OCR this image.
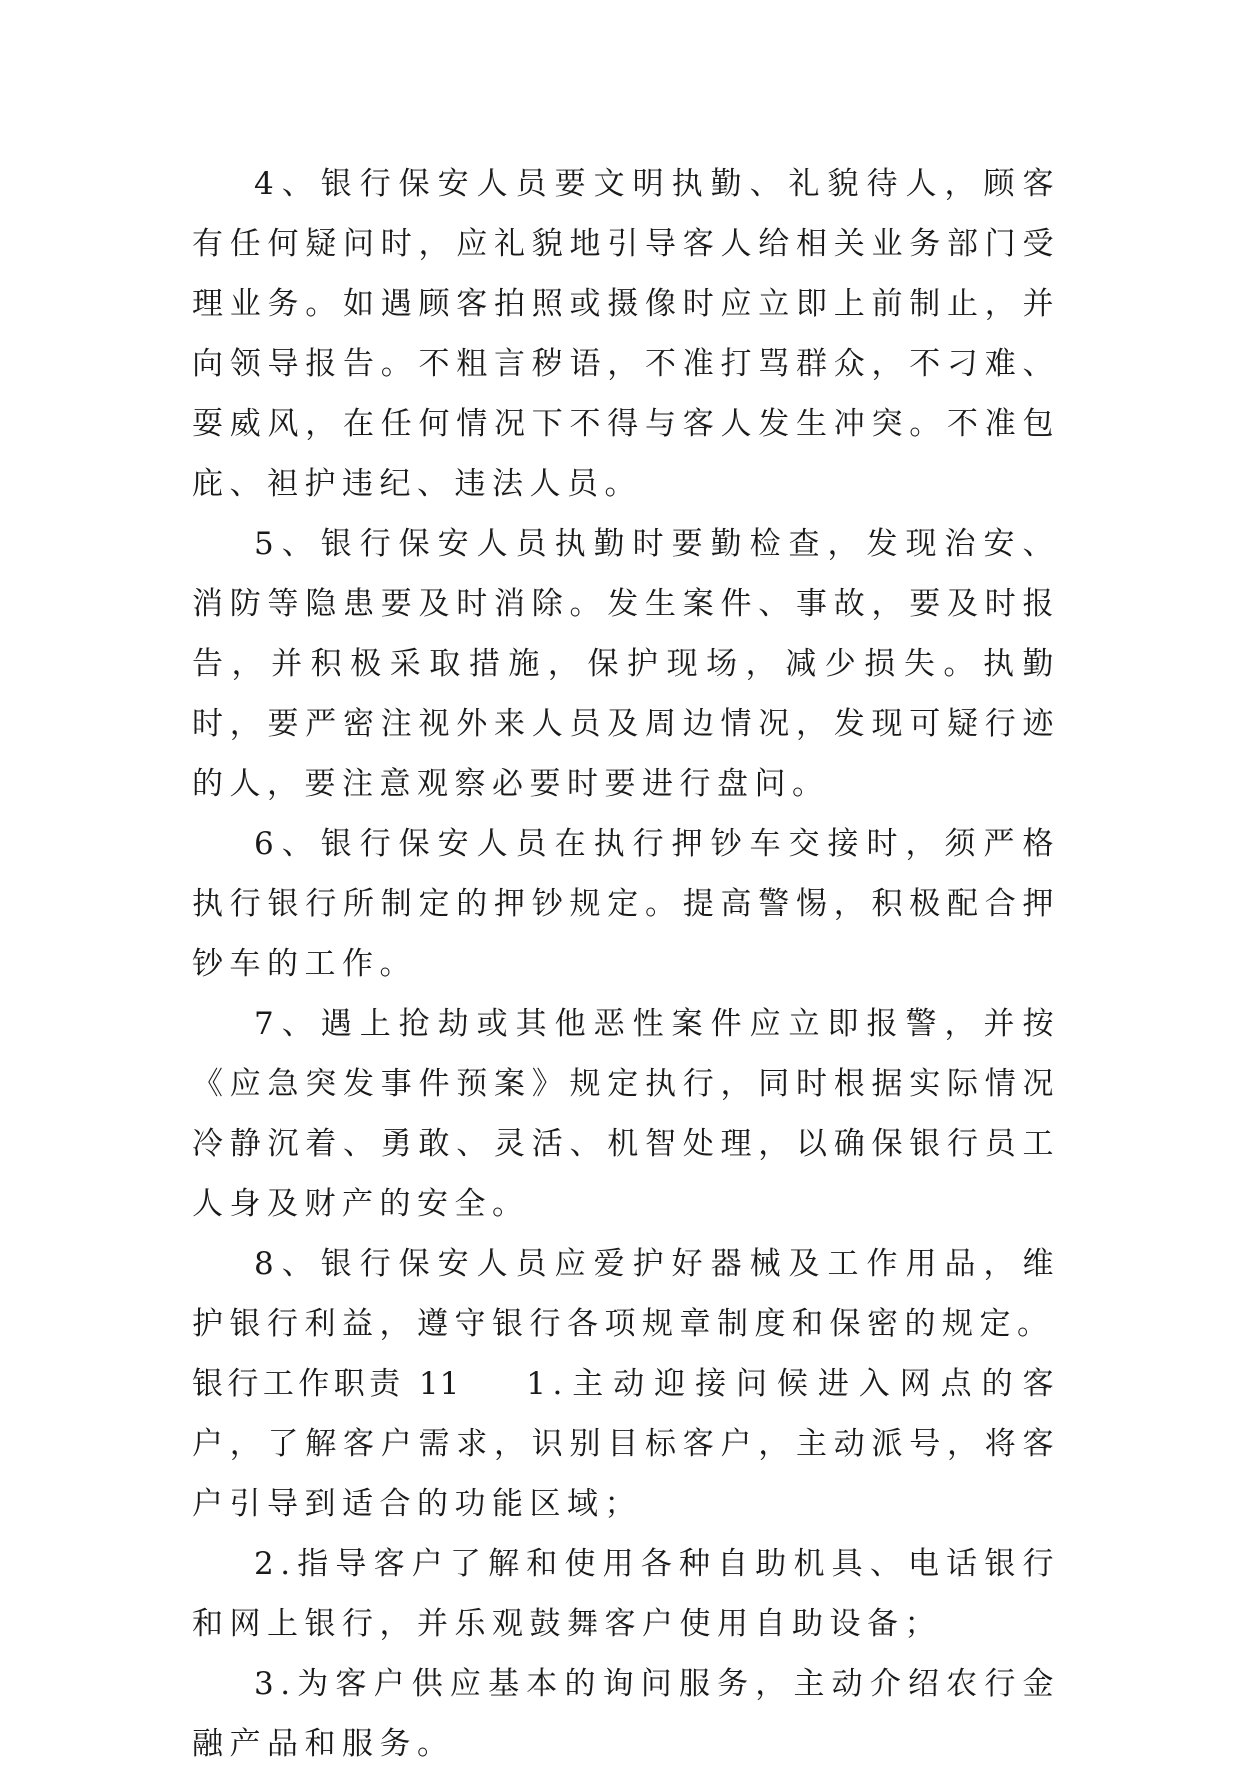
4、银行保安人员要文明执勤、礼貌待人，顾客有任何疑问时，应礼貌地引导客人给相关业务部门受理业务。如遇顾客拍照或摄像时应立即上前制止，并向领导报告。不粗言秽语，不准打骂群众，不刁难、耍威风，在任何情况下不得与客人发生冲突。不准包庇、袒护违纪、违法人员。

5、银行保安人员执勤时要勤检查，发现治安、消防等隐患要及时消除。发生案件、事故，要及时报告，并积极采取措施，保护现场，减少损失。执勤时，要严密注视外来人员及周边情况，发现可疑行迹的人，要注意观察必要时要进行盘问。

6、银行保安人员在执行押钞车交接时，须严格执行银行所制定的押钞规定。提高警惕，积极配合押钞车的工作。

7、遇上抢劫或其他恶性案件应立即报警，并按《应急突发事件预案》规定执行，同时根据实际情况冷静沉着、勇敢、灵活、机智处理，以确保银行员工人身及财产的安全。

8、银行保安人员应爱护好器械及工作用品，维护银行利益，遵守银行各项规章制度和保密的规定。

银行工作职责 11 1.主动迎接问候进入网点的客户，了解客户需求，识别目标客户，主动派号，将客户引导到适合的功能区域；

2.指导客户了解和使用各种自助机具、电话银行和网上银行，并乐观鼓舞客户使用自助设备；

3.为客户供应基本的询问服务，主动介绍农行金融产品和服务。
